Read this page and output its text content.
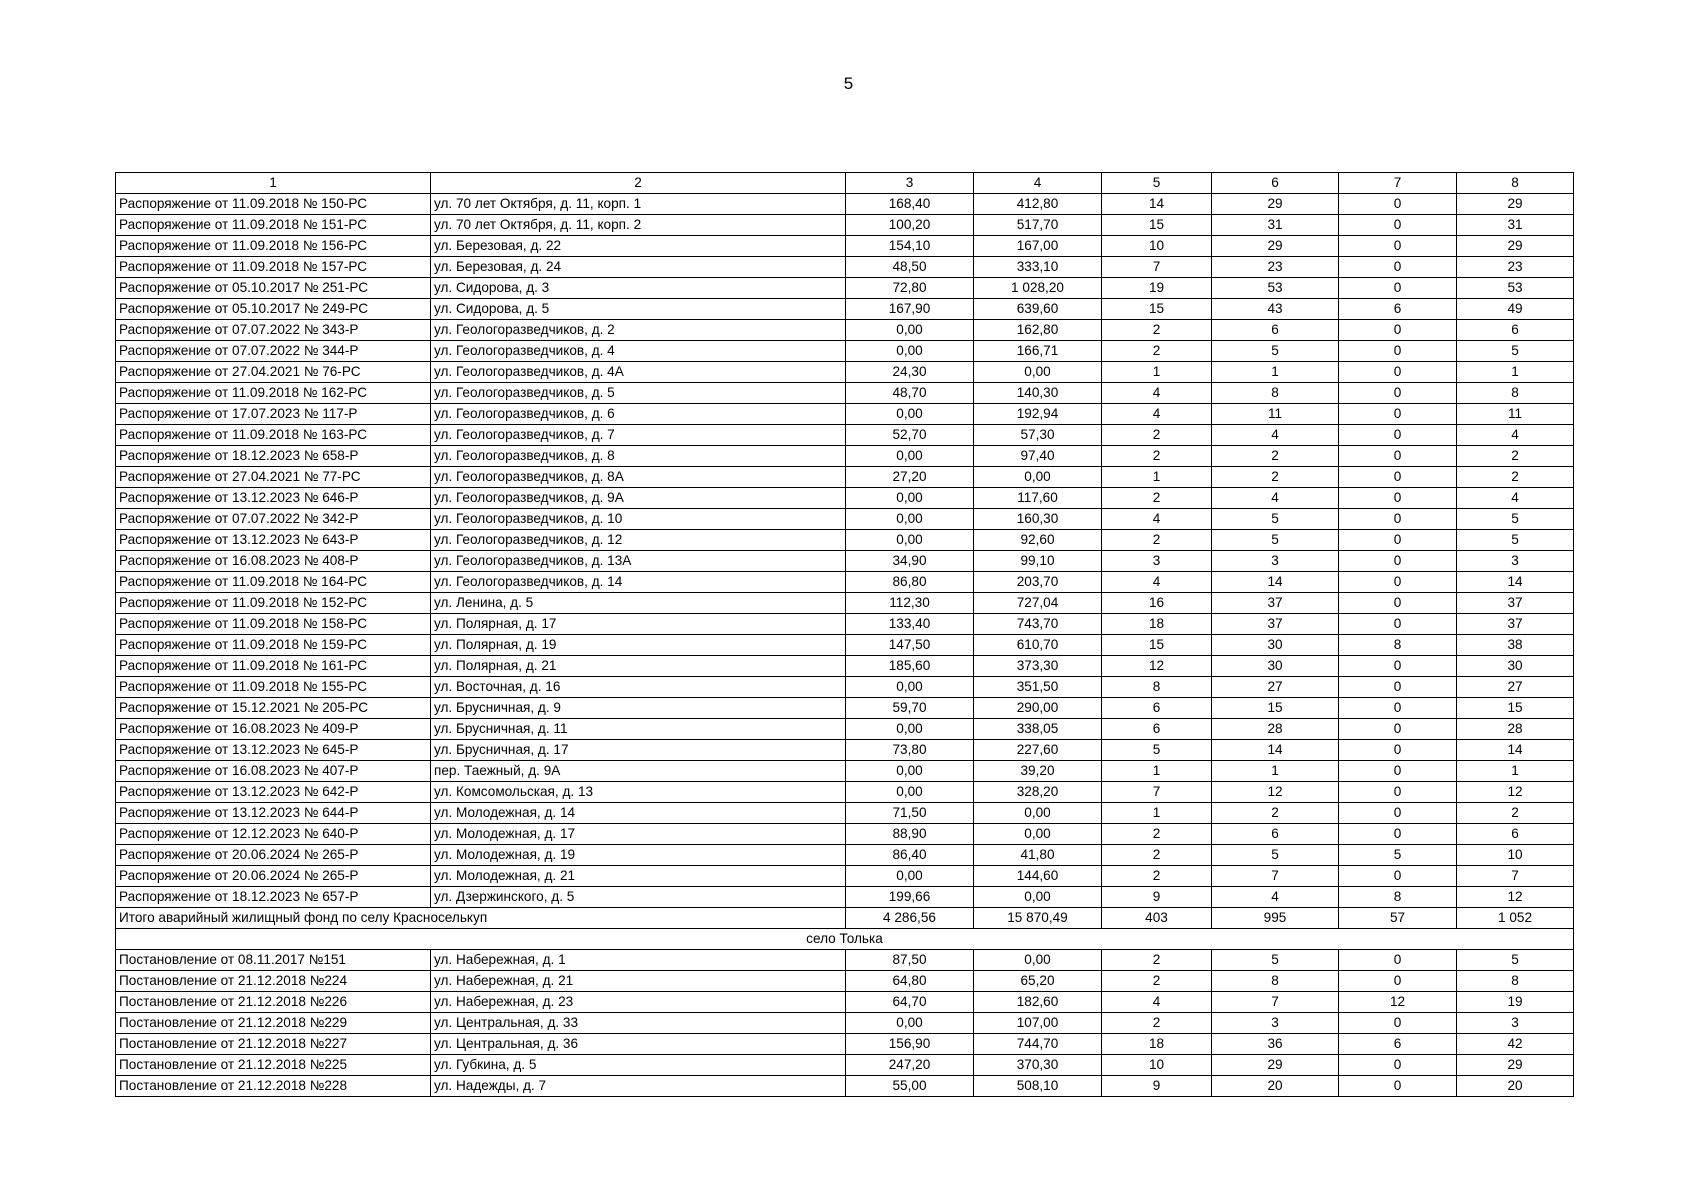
5
1	2	3	4	5	6	7	8
Распоряжение от 11.09.2018 № 150-РС	ул. 70 лет Октября, д. 11, корп. 1	168,40	412,80	14	29	0	29
Распоряжение от 11.09.2018 № 151-РС	ул. 70 лет Октября, д. 11, корп. 2	100,20	517,70	15	31	0	31
Распоряжение от 11.09.2018 № 156-РС	ул. Березовая, д. 22	154,10	167,00	10	29	0	29
Распоряжение от 11.09.2018 № 157-РС	ул. Березовая, д. 24	48,50	333,10	7	23	0	23
Распоряжение от 05.10.2017 № 251-РС	ул. Сидорова, д. 3	72,80	1 028,20	19	53	0	53
Распоряжение от 05.10.2017 № 249-РС	ул. Сидорова, д. 5	167,90	639,60	15	43	6	49
Распоряжение от 07.07.2022 № 343-Р	ул. Геологоразведчиков, д. 2	0,00	162,80	2	6	0	6
Распоряжение от 07.07.2022 № 344-Р	ул. Геологоразведчиков, д. 4	0,00	166,71	2	5	0	5
Распоряжение от 27.04.2021 № 76-РС	ул. Геологоразведчиков, д. 4А	24,30	0,00	1	1	0	1
Распоряжение от 11.09.2018 № 162-РС	ул. Геологоразведчиков, д. 5	48,70	140,30	4	8	0	8
Распоряжение от 17.07.2023 № 117-Р	ул. Геологоразведчиков, д. 6	0,00	192,94	4	11	0	11
Распоряжение от 11.09.2018 № 163-РС	ул. Геологоразведчиков, д. 7	52,70	57,30	2	4	0	4
Распоряжение от 18.12.2023 № 658-Р	ул. Геологоразведчиков, д. 8	0,00	97,40	2	2	0	2
Распоряжение от 27.04.2021 № 77-РС	ул. Геологоразведчиков, д. 8А	27,20	0,00	1	2	0	2
Распоряжение от 13.12.2023 № 646-Р	ул. Геологоразведчиков, д. 9А	0,00	117,60	2	4	0	4
Распоряжение от 07.07.2022 № 342-Р	ул. Геологоразведчиков, д. 10	0,00	160,30	4	5	0	5
Распоряжение от 13.12.2023 № 643-Р	ул. Геологоразведчиков, д. 12	0,00	92,60	2	5	0	5
Распоряжение от 16.08.2023 № 408-Р	ул. Геологоразведчиков, д. 13А	34,90	99,10	3	3	0	3
Распоряжение от 11.09.2018 № 164-РС	ул. Геологоразведчиков, д. 14	86,80	203,70	4	14	0	14
Распоряжение от 11.09.2018 № 152-РС	ул. Ленина, д. 5	112,30	727,04	16	37	0	37
Распоряжение от 11.09.2018 № 158-РС	ул. Полярная, д. 17	133,40	743,70	18	37	0	37
Распоряжение от 11.09.2018 № 159-РС	ул. Полярная, д. 19	147,50	610,70	15	30	8	38
Распоряжение от 11.09.2018 № 161-РС	ул. Полярная, д. 21	185,60	373,30	12	30	0	30
Распоряжение от 11.09.2018 № 155-РС	ул. Восточная, д. 16	0,00	351,50	8	27	0	27
Распоряжение от 15.12.2021 № 205-РС	ул. Брусничная, д. 9	59,70	290,00	6	15	0	15
Распоряжение от 16.08.2023 № 409-Р	ул. Брусничная, д. 11	0,00	338,05	6	28	0	28
Распоряжение от 13.12.2023 № 645-Р	ул. Брусничная, д. 17	73,80	227,60	5	14	0	14
Распоряжение от 16.08.2023 № 407-Р	пер. Таежный, д. 9А	0,00	39,20	1	1	0	1
Распоряжение от 13.12.2023 № 642-Р	ул. Комсомольская, д. 13	0,00	328,20	7	12	0	12
Распоряжение от 13.12.2023 № 644-Р	ул. Молодежная, д. 14	71,50	0,00	1	2	0	2
Распоряжение от 12.12.2023 № 640-Р	ул. Молодежная, д. 17	88,90	0,00	2	6	0	6
Распоряжение от 20.06.2024 № 265-Р	ул. Молодежная, д. 19	86,40	41,80	2	5	5	10
Распоряжение от 20.06.2024 № 265-Р	ул. Молодежная, д. 21	0,00	144,60	2	7	0	7
Распоряжение от 18.12.2023 № 657-Р	ул. Дзержинского, д. 5	199,66	0,00	9	4	8	12
Итого аварийный жилищный фонд по селу Красноселькуп		4 286,56	15 870,49	403	995	57	1 052
село Толька							
Постановление от 08.11.2017 №151	ул. Набережная, д. 1	87,50	0,00	2	5	0	5
Постановление от 21.12.2018 №224	ул. Набережная, д. 21	64,80	65,20	2	8	0	8
Постановление от 21.12.2018 №226	ул. Набережная, д. 23	64,70	182,60	4	7	12	19
Постановление от 21.12.2018 №229	ул. Центральная, д. 33	0,00	107,00	2	3	0	3
Постановление от 21.12.2018 №227	ул. Центральная, д. 36	156,90	744,70	18	36	6	42
Постановление от 21.12.2018 №225	ул. Губкина, д. 5	247,20	370,30	10	29	0	29
Постановление от 21.12.2018 №228	ул. Надежды, д. 7	55,00	508,10	9	20	0	20
